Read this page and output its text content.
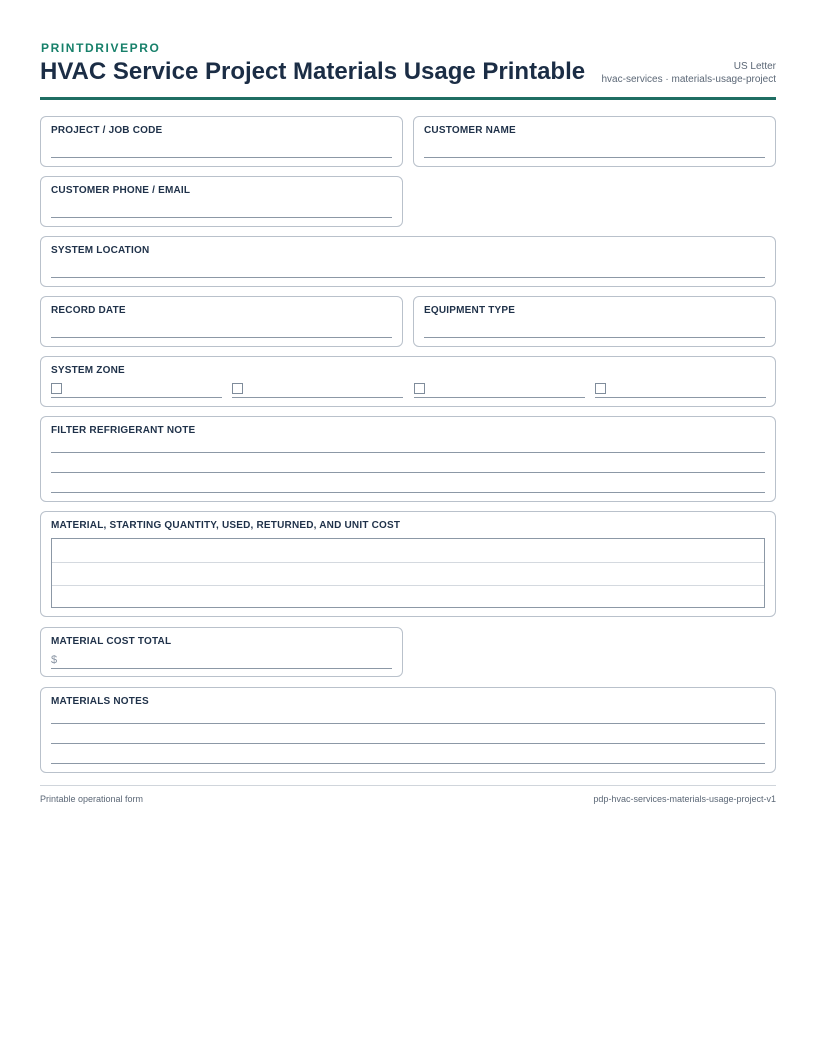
PRINTDRIVEPRO
HVAC Service Project Materials Usage Printable	US Letter
hvac-services · materials-usage-project
PROJECT / JOB CODE	CUSTOMER NAME
CUSTOMER PHONE / EMAIL
SYSTEM LOCATION
RECORD DATE	EQUIPMENT TYPE
SYSTEM ZONE
FILTER REFRIGERANT NOTE
MATERIAL, STARTING QUANTITY, USED, RETURNED, AND UNIT COST
MATERIAL COST TOTAL
$
MATERIALS NOTES
Printable operational form	pdp-hvac-services-materials-usage-project-v1
